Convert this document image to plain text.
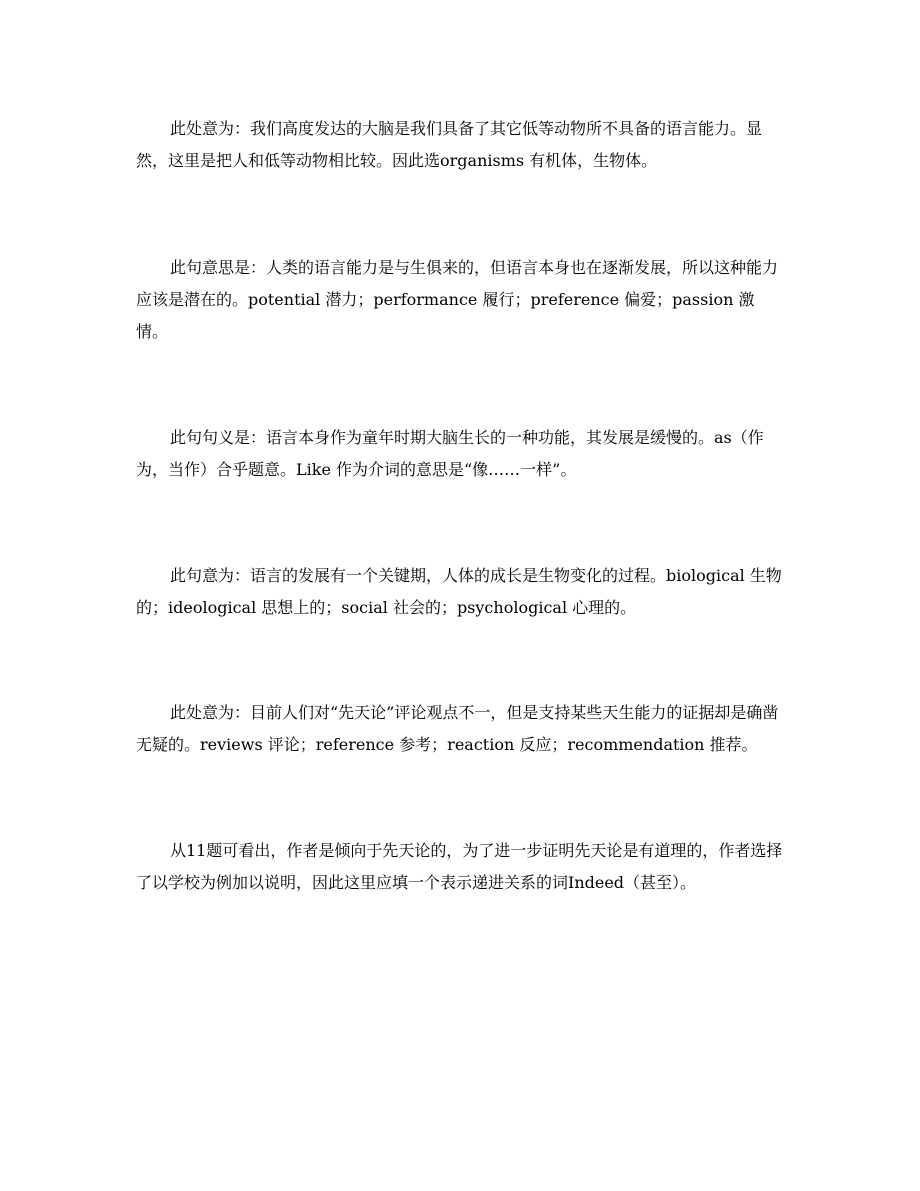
此处意为：我们高度发达的大脑是我们具备了其它低等动物所不具备的语言能力。显然，这里是把人和低等动物相比较。因此选organisms 有机体，生物体。

此句意思是：人类的语言能力是与生俱来的，但语言本身也在逐渐发展，所以这种能力应该是潜在的。potential 潜力；performance 履行；preference 偏爱；passion 激情。

此句句义是：语言本身作为童年时期大脑生长的一种功能，其发展是缓慢的。as（作为，当作）合乎题意。Like 作为介词的意思是“像……一样”。

此句意为：语言的发展有一个关键期，人体的成长是生物变化的过程。biological 生物的；ideological 思想上的；social 社会的；psychological 心理的。

此处意为：目前人们对“先天论”评论观点不一，但是支持某些天生能力的证据却是确凿无疑的。reviews 评论；reference 参考；reaction 反应；recommendation 推荐。

从11题可看出，作者是倾向于先天论的，为了进一步证明先天论是有道理的，作者选择了以学校为例加以说明，因此这里应填一个表示递进关系的词Indeed（甚至）。
